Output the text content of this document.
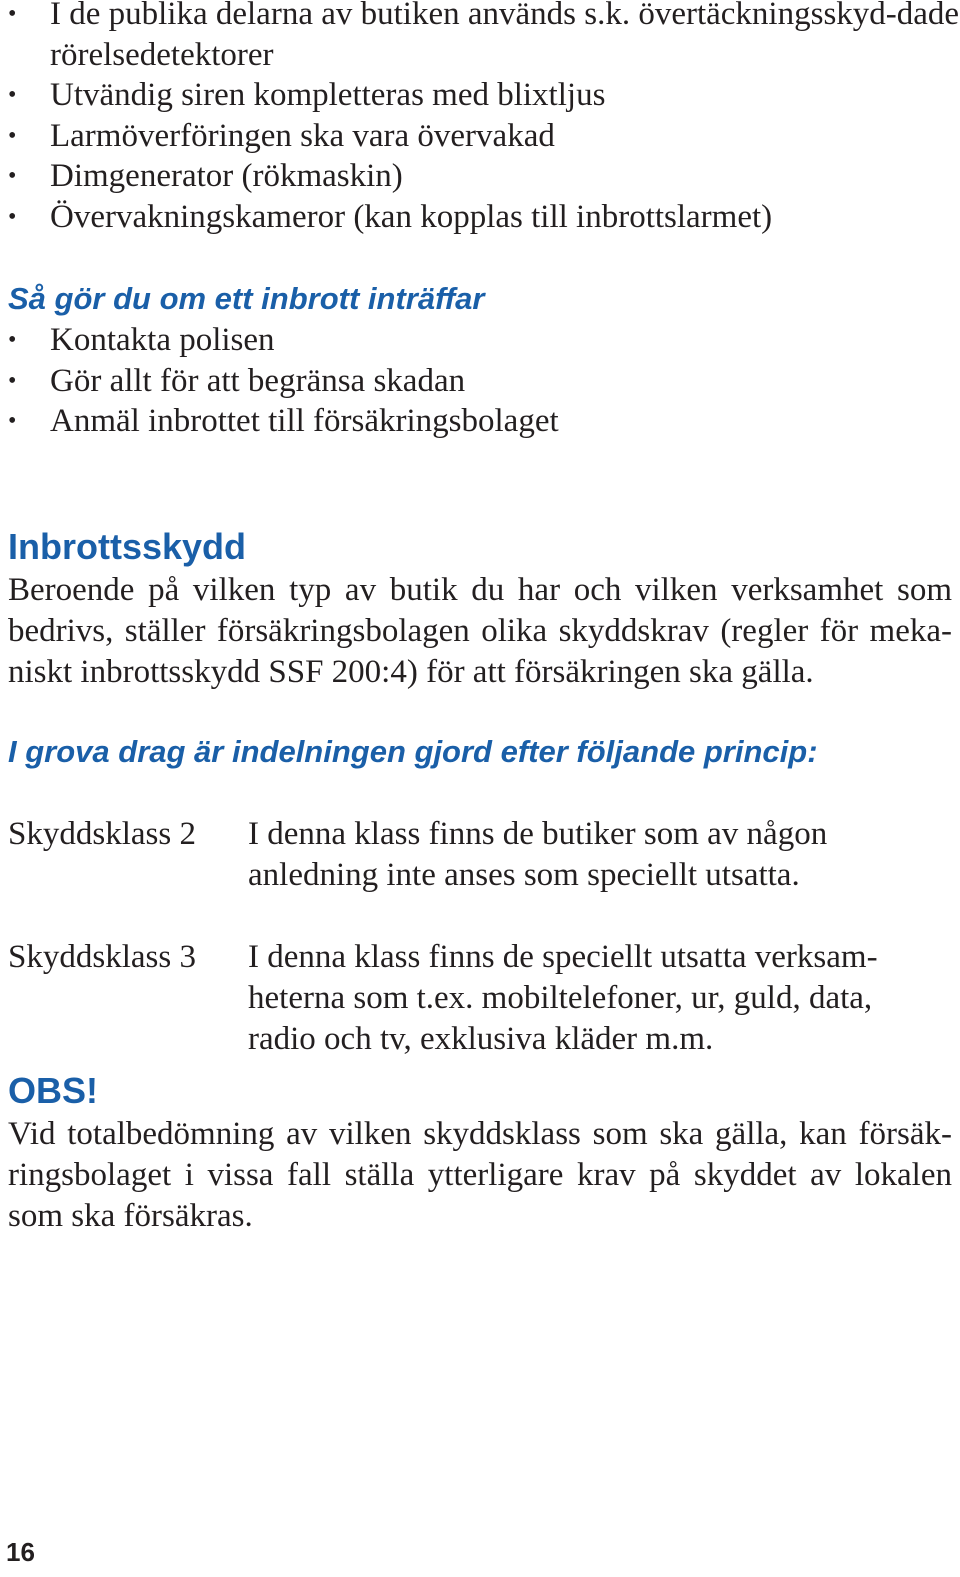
• I de publika delarna av butiken används s.k. övertäckningsskyd-dade rörelsedetektorer
• Utvändig siren kompletteras med blixtljus
• Larmöverföringen ska vara övervakad
• Dimgenerator (rökmaskin)
• Övervakningskameror (kan kopplas till inbrottslarmet)
Så gör du om ett inbrott inträffar
• Kontakta polisen
• Gör allt för att begränsa skadan
• Anmäl inbrottet till försäkringsbolaget
Inbrottsskydd

Beroende på vilken typ av butik du har och vilken verksamhet som bedrivs, ställer försäkringsbolagen olika skyddskrav (regler för meka-niskt inbrottsskydd SSF 200:4) för att försäkringen ska gälla.

I grova drag är indelningen gjord efter följande princip:
Skyddsklass 2 I denna klass finns de butiker som av någon anledning inte anses som speciellt utsatta.
Skyddsklass 3 I denna klass finns de speciellt utsatta verksam-heterna som t.ex. mobiltelefoner, ur, guld, data, radio och tv, exklusiva kläder m.m.
OBS!

Vid totalbedömning av vilken skyddsklass som ska gälla, kan försäk-ringsbolaget i vissa fall ställa ytterligare krav på skyddet av lokalen som ska försäkras.

16
